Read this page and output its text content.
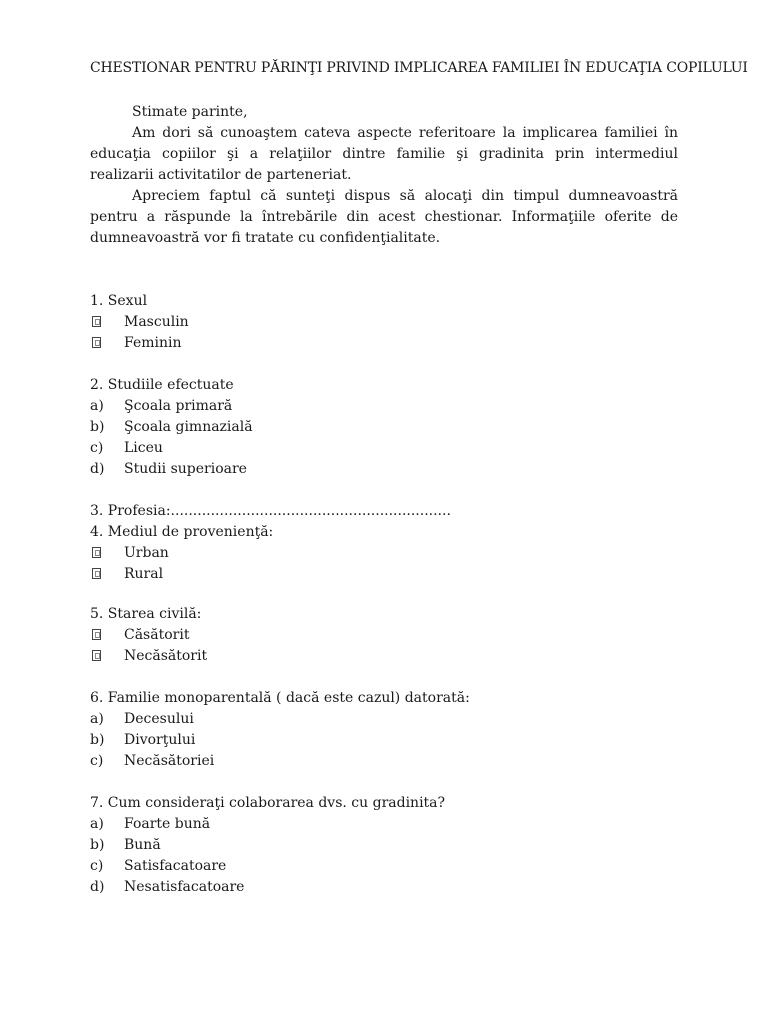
CHESTIONAR PENTRU PĂRINŢI PRIVIND IMPLICAREA FAMILIEI ÎN EDUCAŢIA COPILULUI

Stimate parinte,

Am dori să cunoaştem cateva aspecte referitoare la implicarea familiei în educaţia copiilor şi a relaţiilor dintre familie şi gradinita prin intermediul realizarii activitatilor de parteneriat.

Apreciem faptul că sunteţi dispus să alocaţi din timpul dumneavoastră pentru a răspunde la întrebările din acest chestionar. Informaţiile oferite de dumneavoastră vor fi tratate cu confidenţialitate.

1. Sexul
Masculin
Feminin
2. Studiile efectuate
a)	Şcoala primară
b)	Şcoala gimnazială
c)	Liceu
d)	Studii superioare
3. Profesia:...............................................................
4. Mediul de provenienţă:
Urban
Rural
5. Starea civilă:
Căsătorit
Necăsătorit
6. Familie monoparentală ( dacă este cazul) datorată:
a)	Decesului
b)	Divorţului
c)	Necăsătoriei
7. Cum consideraţi colaborarea dvs. cu gradinita?
a)	Foarte bună
b)	Bună
c)	Satisfacatoare
d)	Nesatisfacatoare
